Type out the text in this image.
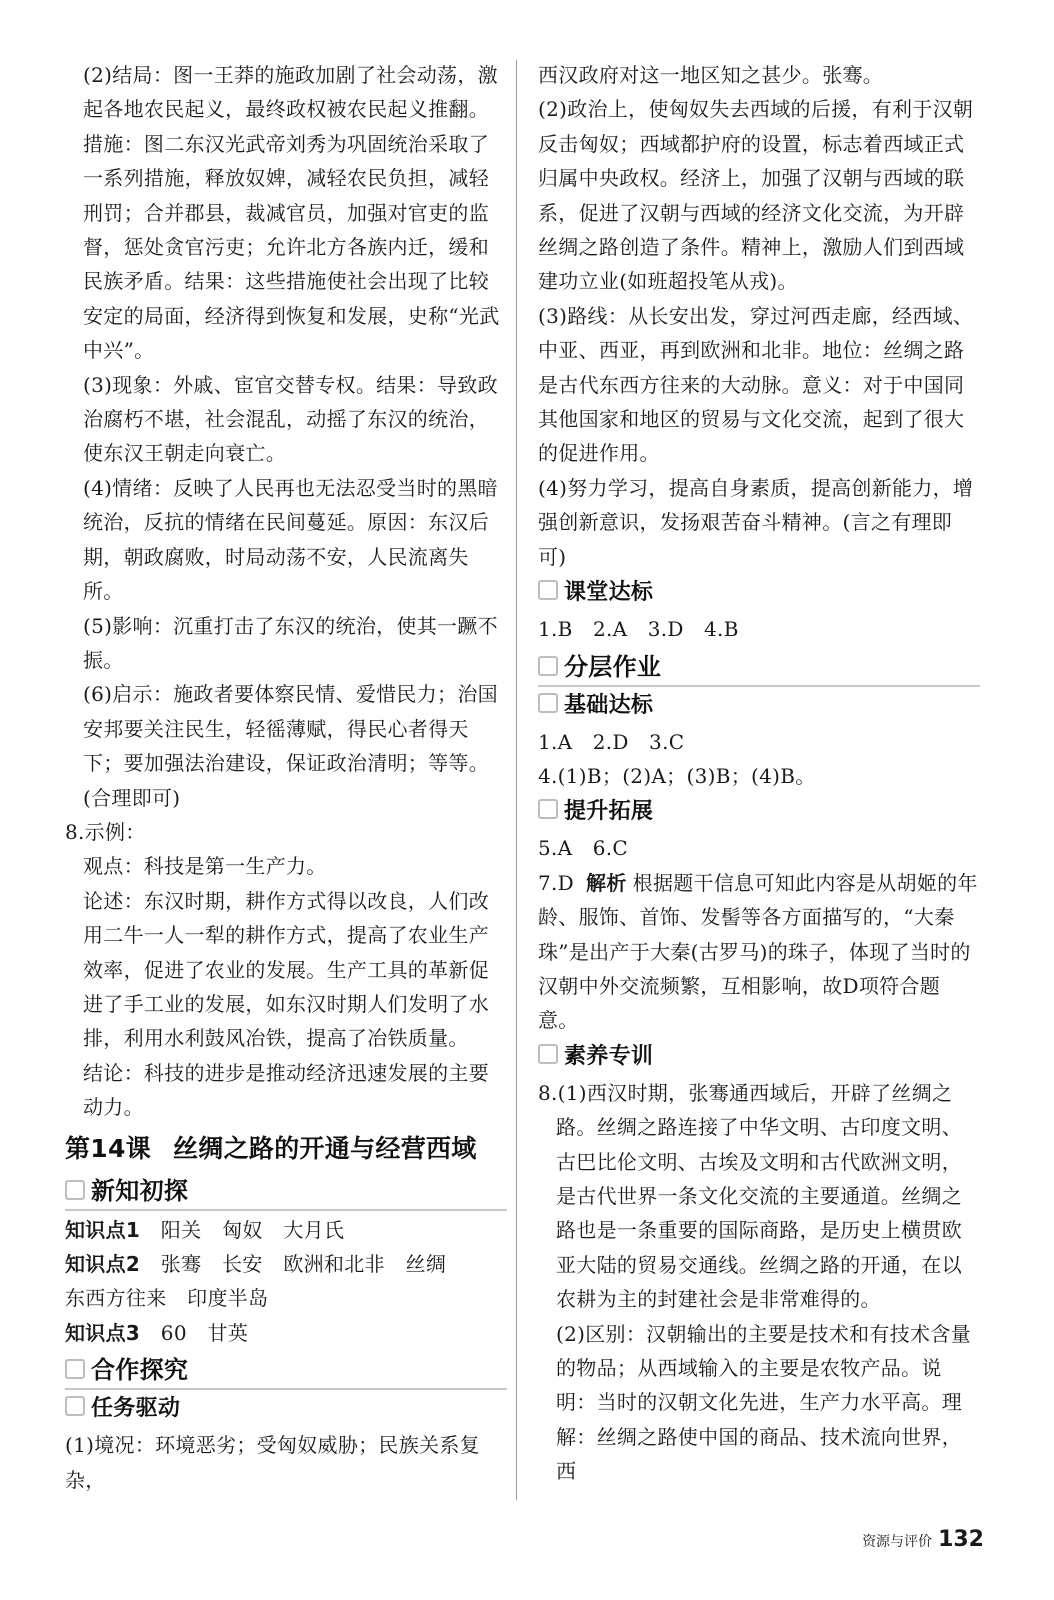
(2)结局：图一王莽的施政加剧了社会动荡，激起各地农民起义，最终政权被农民起义推翻。
措施：图二东汉光武帝刘秀为巩固统治采取了一系列措施，释放奴婢，减轻农民负担，减轻刑罚；合并郡县，裁减官员，加强对官吏的监督，惩处贪官污吏；允许北方各族内迁，缓和民族矛盾。结果：这些措施使社会出现了比较安定的局面，经济得到恢复和发展，史称“光武中兴”。
(3)现象：外戚、宦官交替专权。结果：导致政治腐朽不堪，社会混乱，动摇了东汉的统治，使东汉王朝走向衰亡。
(4)情绪：反映了人民再也无法忍受当时的黑暗统治，反抗的情绪在民间蔓延。原因：东汉后期，朝政腐败，时局动荡不安，人民流离失所。
(5)影响：沉重打击了东汉的统治，使其一蹶不振。
(6)启示：施政者要体察民情、爱惜民力；治国安邦要关注民生，轻徭薄赋，得民心者得天下；要加强法治建设，保证政治清明；等等。(合理即可)
8.示例：
观点：科技是第一生产力。
论述：东汉时期，耕作方式得以改良，人们改用二牛一人一犁的耕作方式，提高了农业生产效率，促进了农业的发展。生产工具的革新促进了手工业的发展，如东汉时期人们发明了水排，利用水利鼓风冶铁，提高了冶铁质量。
结论：科技的进步是推动经济迅速发展的主要动力。
第14课 丝绸之路的开通与经营西域
新知初探
知识点1 阳关 匈奴 大月氏
知识点2 张骞 长安 欧洲和北非 丝绸
东西方往来 印度半岛
知识点3 60 甘英
合作探究
任务驱动
(1)境况：环境恶劣；受匈奴威胁；民族关系复杂，
西汉政府对这一地区知之甚少。张骞。
(2)政治上，使匈奴失去西域的后援，有利于汉朝反击匈奴；西域都护府的设置，标志着西域正式归属中央政权。经济上，加强了汉朝与西域的联系，促进了汉朝与西域的经济文化交流，为开辟丝绸之路创造了条件。精神上，激励人们到西域建功立业(如班超投笔从戎)。
(3)路线：从长安出发，穿过河西走廊，经西域、中亚、西亚，再到欧洲和北非。地位：丝绸之路是古代东西方往来的大动脉。意义：对于中国同其他国家和地区的贸易与文化交流，起到了很大的促进作用。
(4)努力学习，提高自身素质，提高创新能力，增强创新意识，发扬艰苦奋斗精神。(言之有理即可)
课堂达标
1.B　2.A　3.D　4.B
分层作业
基础达标
1.A　2.D　3.C
4.(1)B；(2)A；(3)B；(4)B。
提升拓展
5.A　6.C
7.D 解析 根据题干信息可知此内容是从胡姬的年龄、服饰、首饰、发髻等各方面描写的，“大秦珠”是出产于大秦(古罗马)的珠子，体现了当时的汉朝中外交流频繁，互相影响，故D项符合题意。
素养专训
8.(1)西汉时期，张骞通西域后，开辟了丝绸之路。丝绸之路连接了中华文明、古印度文明、古巴比伦文明、古埃及文明和古代欧洲文明，是古代世界一条文化交流的主要通道。丝绸之路也是一条重要的国际商路，是历史上横贯欧亚大陆的贸易交通线。丝绸之路的开通，在以农耕为主的封建社会是非常难得的。
(2)区别：汉朝输出的主要是技术和有技术含量的物品；从西域输入的主要是农牧产品。说明：当时的汉朝文化先进，生产力水平高。理解：丝绸之路使中国的商品、技术流向世界，西
资源与评价 132
